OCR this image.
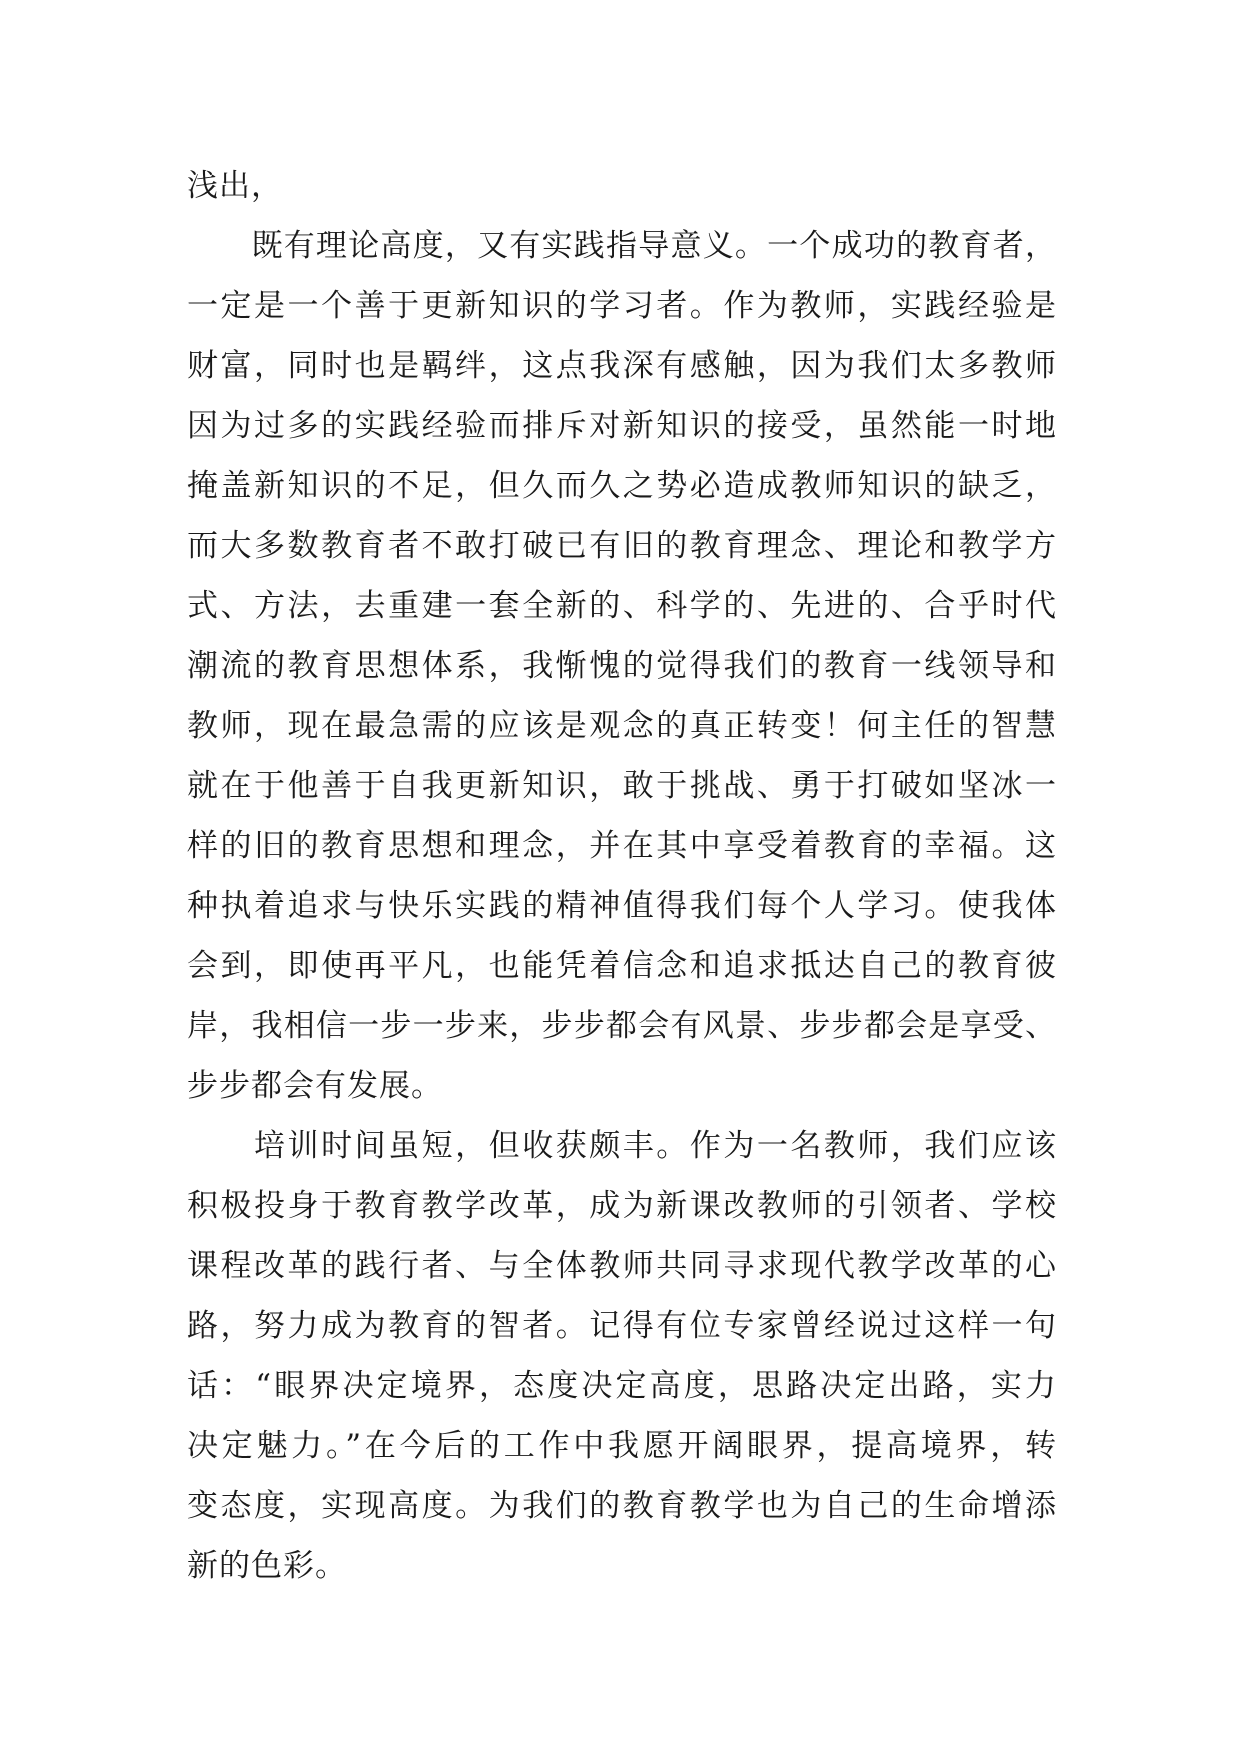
浅出，
　　既有理论高度，又有实践指导意义。一个成功的教育者，
一定是一个善于更新知识的学习者。作为教师，实践经验是
财富，同时也是羁绊，这点我深有感触，因为我们太多教师
因为过多的实践经验而排斥对新知识的接受，虽然能一时地
掩盖新知识的不足，但久而久之势必造成教师知识的缺乏，
而大多数教育者不敢打破已有旧的教育理念、理论和教学方
式、方法，去重建一套全新的、科学的、先进的、合乎时代
潮流的教育思想体系，我惭愧的觉得我们的教育一线领导和
教师，现在最急需的应该是观念的真正转变！何主任的智慧
就在于他善于自我更新知识，敢于挑战、勇于打破如坚冰一
样的旧的教育思想和理念，并在其中享受着教育的幸福。这
种执着追求与快乐实践的精神值得我们每个人学习。使我体
会到，即使再平凡，也能凭着信念和追求抵达自己的教育彼
岸，我相信一步一步来，步步都会有风景、步步都会是享受、
步步都会有发展。
　　培训时间虽短，但收获颇丰。作为一名教师，我们应该
积极投身于教育教学改革，成为新课改教师的引领者、学校
课程改革的践行者、与全体教师共同寻求现代教学改革的心
路，努力成为教育的智者。记得有位专家曾经说过这样一句
话：“眼界决定境界，态度决定高度，思路决定出路，实力
决定魅力。”在今后的工作中我愿开阔眼界，提高境界，转
变态度，实现高度。为我们的教育教学也为自己的生命增添
新的色彩。
